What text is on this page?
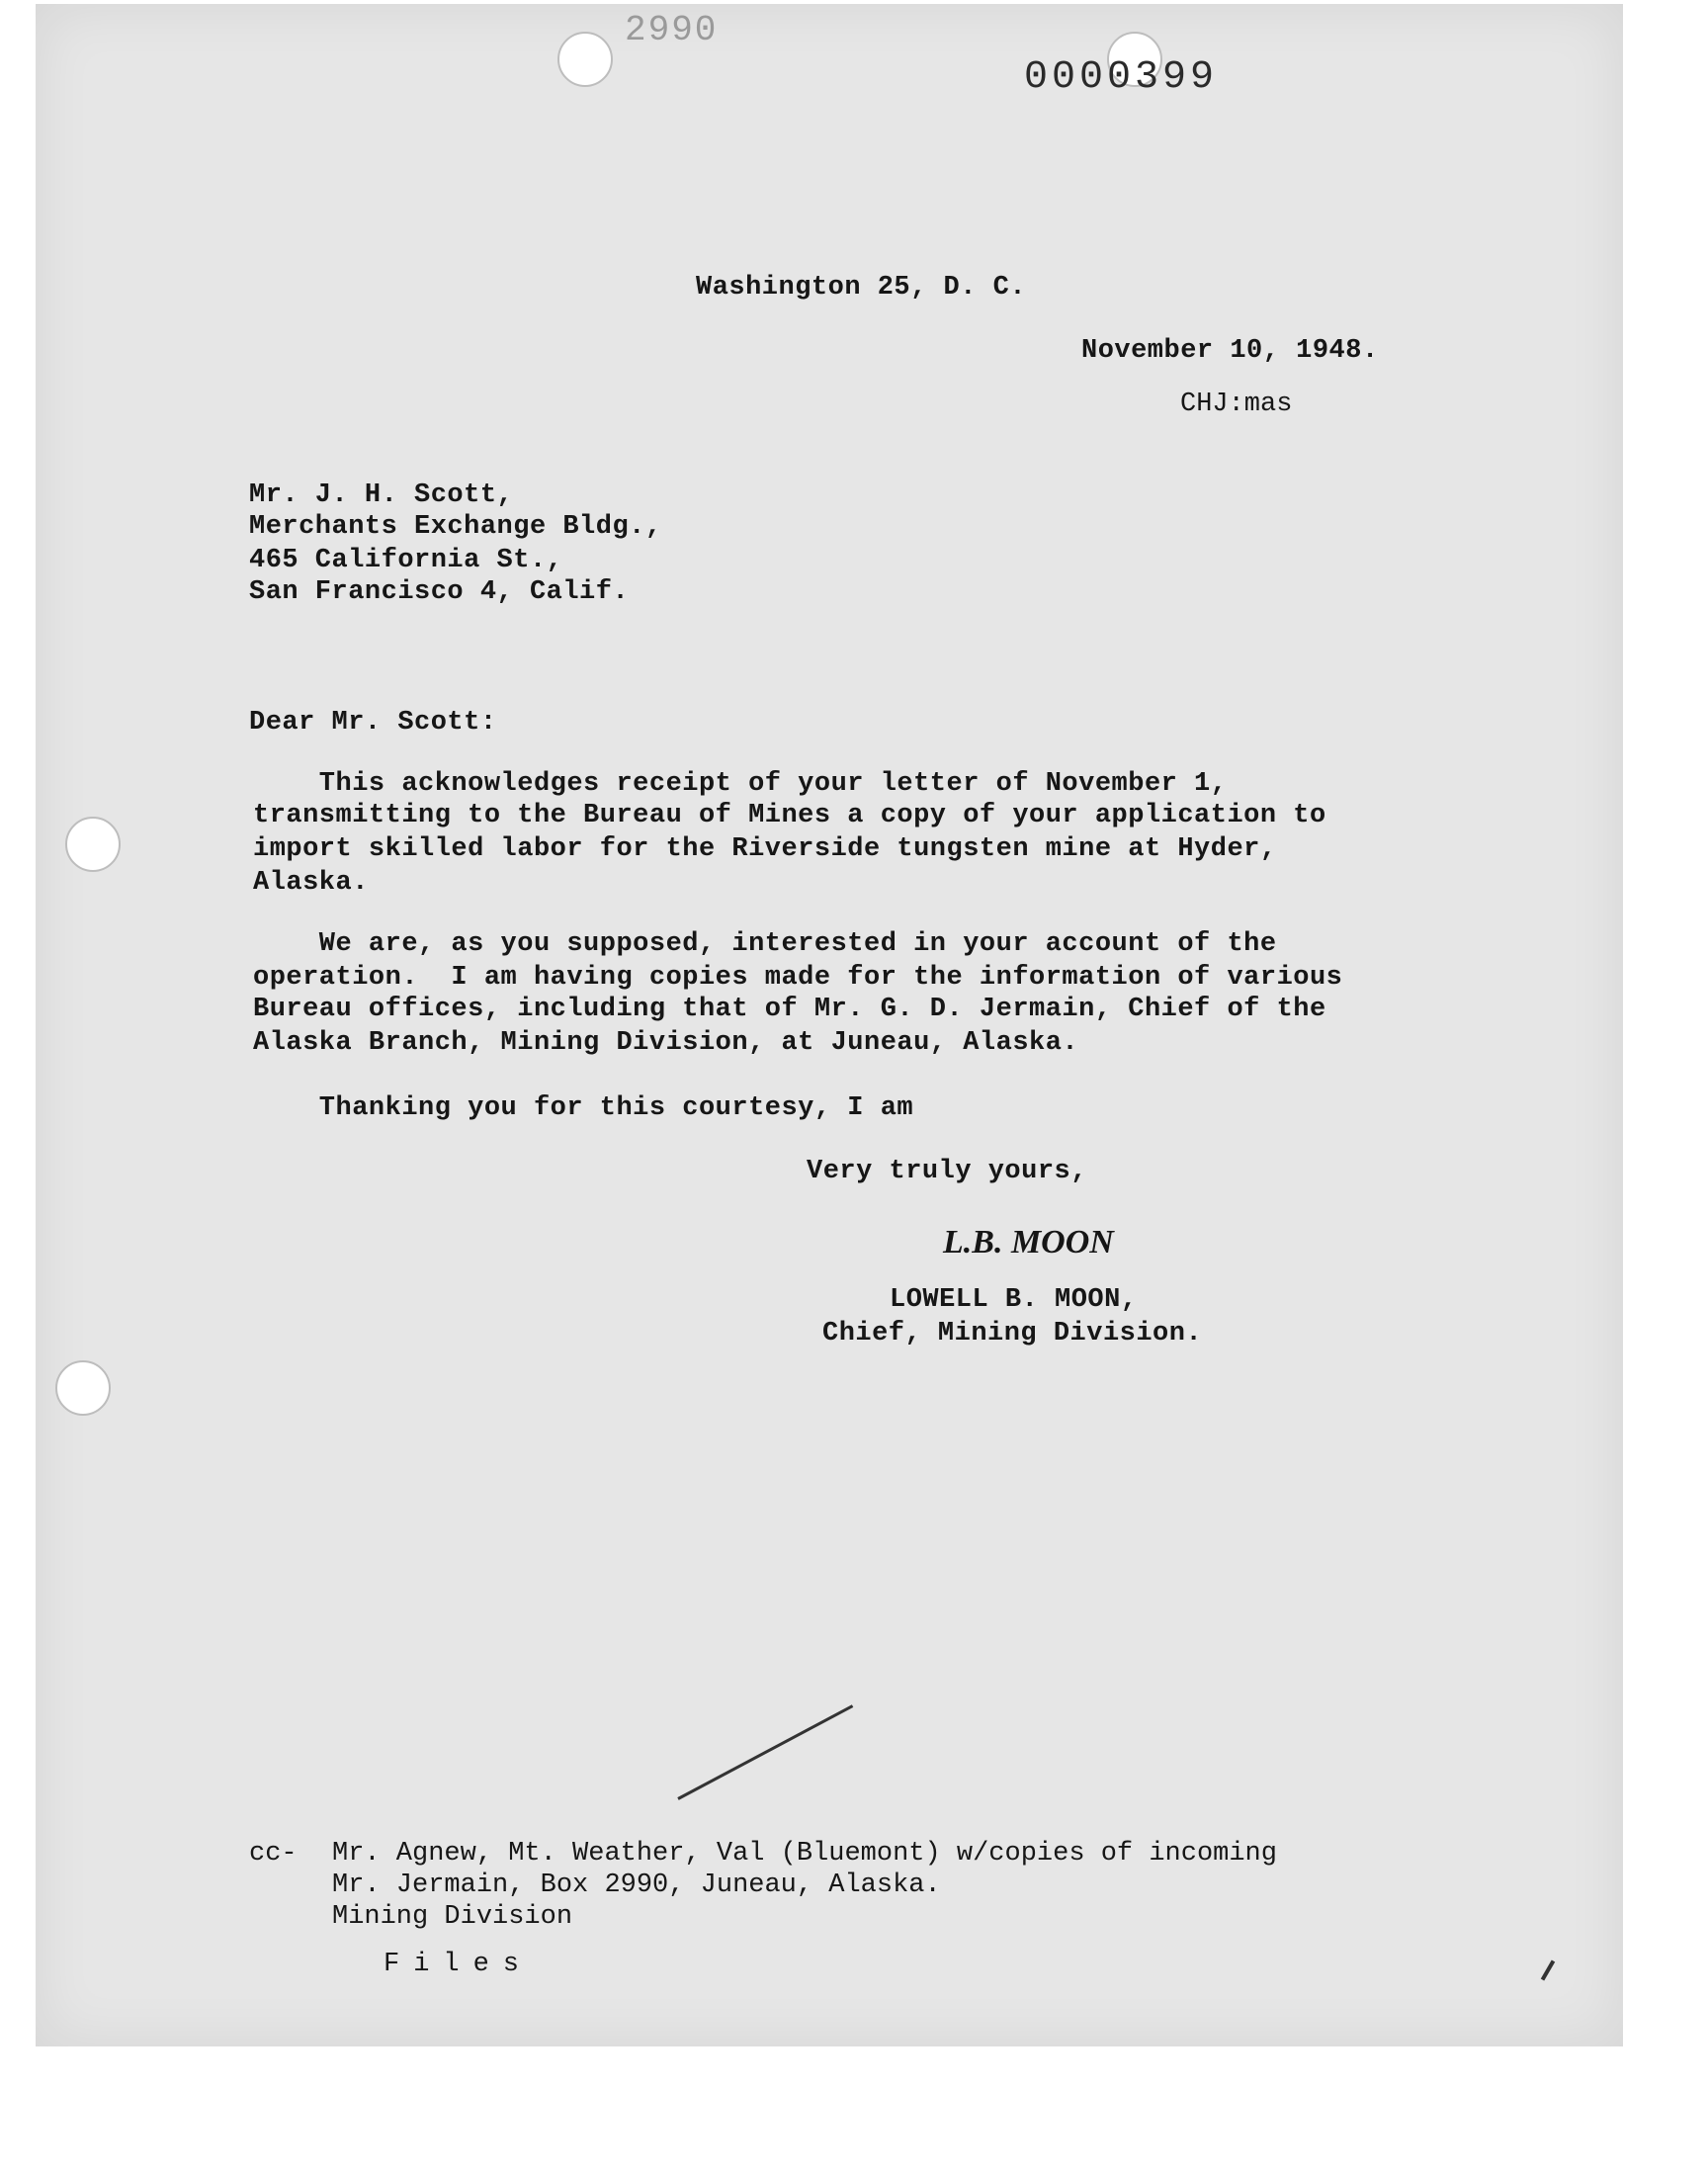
2990
0000399
Washington 25, D. C.
November 10, 1948.
CHJ:mas
Mr. J. H. Scott,
Merchants Exchange Bldg.,
465 California St.,
San Francisco 4, Calif.
Dear Mr. Scott:
This acknowledges receipt of your letter of November 1,
transmitting to the Bureau of Mines a copy of your application to
import skilled labor for the Riverside tungsten mine at Hyder,
Alaska.
We are, as you supposed, interested in your account of the
operation.  I am having copies made for the information of various
Bureau offices, including that of Mr. G. D. Jermain, Chief of the
Alaska Branch, Mining Division, at Juneau, Alaska.
Thanking you for this courtesy, I am
Very truly yours,
L.B. MOON
LOWELL B. MOON,
Chief, Mining Division.
cc- Mr. Agnew, Mt. Weather, Val (Bluemont) w/copies of incoming
Mr. Jermain, Box 2990, Juneau, Alaska.
Mining Division
Files
